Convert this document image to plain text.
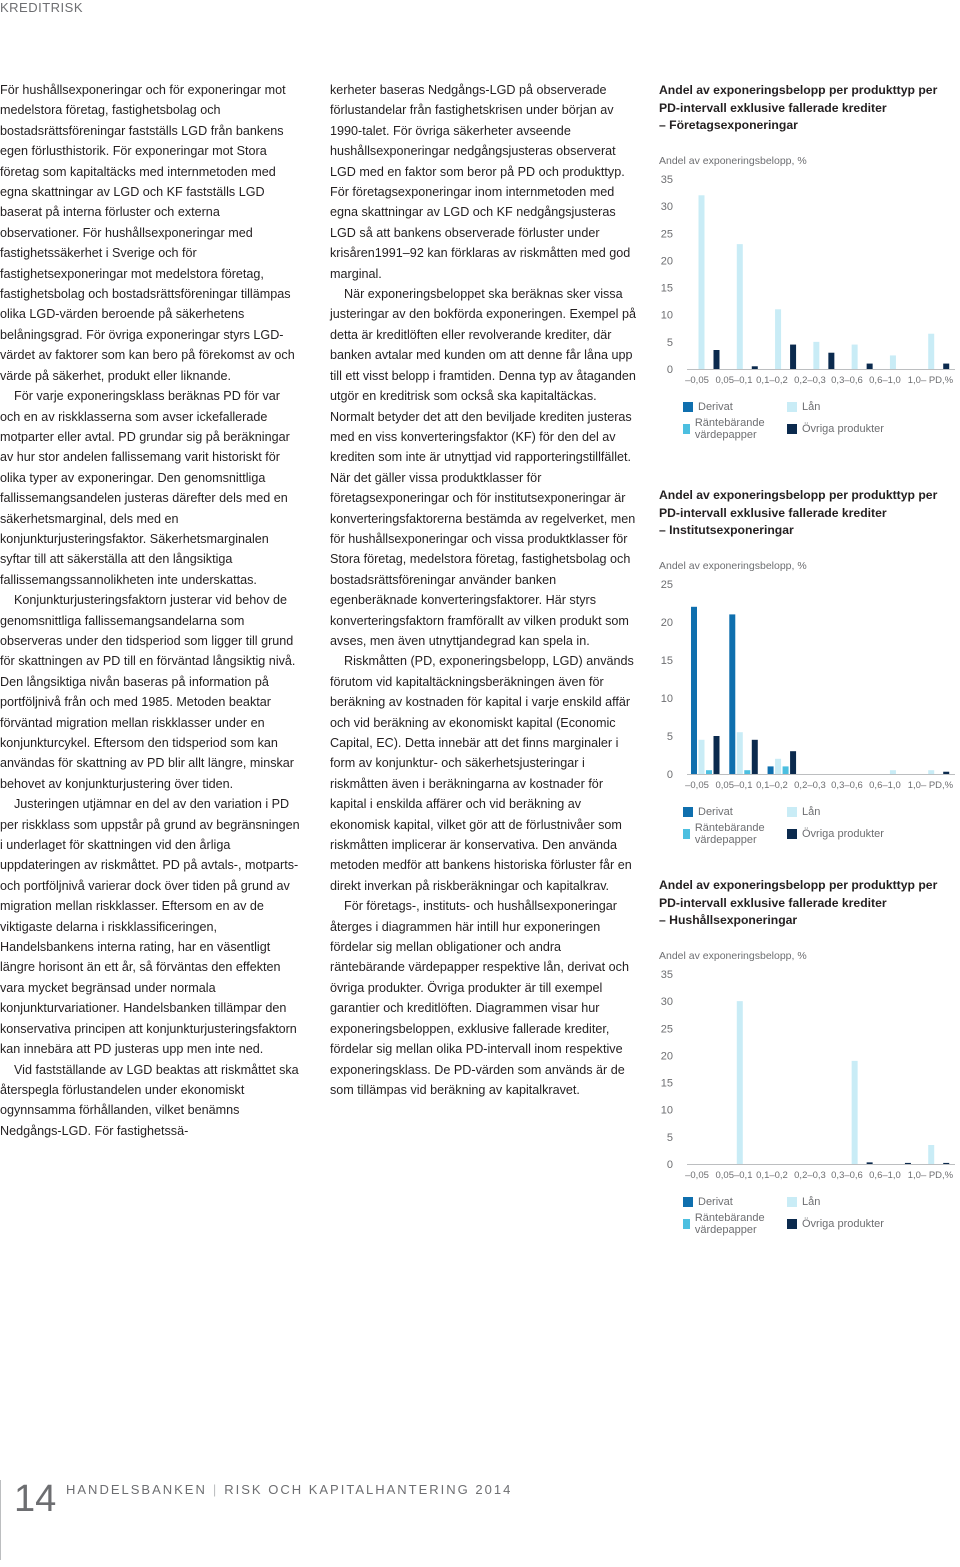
KREDITRISK

För hushållsexponeringar och för exponeringar mot medelstora företag, fastighetsbolag och bostadsrättsföreningar fastställs LGD från bankens egen förlusthistorik. För exponeringar mot Stora företag som kapitaltäcks med internmetoden med egna skattningar av LGD och KF fastställs LGD baserat på interna förluster och externa observationer. För hushållsexponeringar med fastighetssäkerhet i Sverige och för fastighetsexponeringar mot medelstora företag, fastighetsbolag och bostadsrättsföreningar tillämpas olika LGD-värden beroende på säkerhetens belåningsgrad. För övriga exponeringar styrs LGD-värdet av faktorer som kan bero på förekomst av och värde på säkerhet, produkt eller liknande.

För varje exponeringsklass beräknas PD för var och en av riskklasserna som avser ickefallerade motparter eller avtal. PD grundar sig på beräkningar av hur stor andelen fallissemang varit historiskt för olika typer av exponeringar. Den genomsnittliga fallissemangsandelen justeras därefter dels med en säkerhetsmarginal, dels med en konjunkturjusteringsfaktor. Säkerhetsmarginalen syftar till att säkerställa att den långsiktiga fallissemangssannolikheten inte underskattas.

Konjunkturjusteringsfaktorn justerar vid behov de genomsnittliga fallissemangsandelarna som observeras under den tidsperiod som ligger till grund för skattningen av PD till en förväntad långsiktig nivå. Den långsiktiga nivån baseras på information på portföljnivå från och med 1985. Metoden beaktar förväntad migration mellan riskklasser under en konjunkturcykel. Eftersom den tidsperiod som kan användas för skattning av PD blir allt längre, minskar behovet av konjunkturjustering över tiden.

Justeringen utjämnar en del av den variation i PD per riskklass som uppstår på grund av begränsningen i underlaget för skattningen vid den årliga uppdateringen av riskmåttet. PD på avtals-, motparts- och portföljnivå varierar dock över tiden på grund av migration mellan riskklasser. Eftersom en av de viktigaste delarna i riskklassificeringen, Handelsbankens interna rating, har en väsentligt längre horisont än ett år, så förväntas den effekten vara mycket begränsad under normala konjunkturvariationer. Handelsbanken tillämpar den konservativa principen att konjunkturjusteringsfaktorn kan innebära att PD justeras upp men inte ned.

Vid fastställande av LGD beaktas att riskmåttet ska återspegla förlustandelen under ekonomiskt ogynnsamma förhållanden, vilket benämns Nedgångs-LGD. För fastighetssä-

kerheter baseras Nedgångs-LGD på observerade förlustandelar från fastighetskrisen under början av 1990-talet. För övriga säkerheter avseende hushållsexponeringar nedgångsjusteras observerat LGD med en faktor som beror på PD och produkttyp. För företagsexponeringar inom internmetoden med egna skattningar av LGD och KF nedgångsjusteras LGD så att bankens observerade förluster under krisåren1991–92 kan förklaras av riskmåtten med god marginal.

När exponeringsbeloppet ska beräknas sker vissa justeringar av den bokförda exponeringen. Exempel på detta är kreditlöften eller revolverande krediter, där banken avtalar med kunden om att denne får låna upp till ett visst belopp i framtiden. Denna typ av åtaganden utgör en kreditrisk som också ska kapitaltäckas. Normalt betyder det att den beviljade krediten justeras med en viss konverteringsfaktor (KF) för den del av krediten som inte är utnyttjad vid rapporteringstillfället. När det gäller vissa produktklasser för företagsexponeringar och för institutsexponeringar är konverteringsfaktorerna bestämda av regelverket, men för hushållsexponeringar och vissa produktklasser för Stora företag, medelstora företag, fastighetsbolag och bostadsrättsföreningar använder banken egenberäknade konverteringsfaktorer. Här styrs konverteringsfaktorn framförallt av vilken produkt som avses, men även utnyttjandegrad kan spela in.

Riskmåtten (PD, exponeringsbelopp, LGD) används förutom vid kapitaltäckningsberäkningen även för beräkning av kostnaden för kapital i varje enskild affär och vid beräkning av ekonomiskt kapital (Economic Capital, EC). Detta innebär att det finns marginaler i form av konjunktur- och säkerhetsjusteringar i riskmåtten även i beräkningarna av kostnader för kapital i enskilda affärer och vid beräkning av ekonomisk kapital, vilket gör att de förlustnivåer som riskmåtten implicerar är konservativa. Den använda metoden medför att bankens historiska förluster får en direkt inverkan på riskberäkningar och kapitalkrav.

För företags-, instituts- och hushållsexponeringar återges i diagrammen här intill hur exponeringen fördelar sig mellan obligationer och andra räntebärande värdepapper respektive lån, derivat och övriga produkter. Övriga produkter är till exempel garantier och kreditlöften. Diagrammen visar hur exponeringsbeloppen, exklusive fallerade krediter, fördelar sig mellan olika PD-intervall inom respektive exponeringsklass. De PD-värden som används är de som tillämpas vid beräkning av kapitalkravet.

Andel av exponeringsbelopp per produkttyp per
PD-intervall exklusive fallerade krediter
– Företagsexponeringar
Andel av exponeringsbelopp, %
0
5
10
15
20
25
30
35
–0,05 0,05–0,1 0,1–0,2 0,2–0,3 0,3–0,6 0,6–1,0 1,0– PD,%
Derivat	Lån
Räntebärande värdepapper	Övriga produkter
Andel av exponeringsbelopp per produkttyp per
PD-intervall exklusive fallerade krediter
– Institutsexponeringar
Andel av exponeringsbelopp, %
0
5
10
15
20
25
–0,05 0,05–0,1 0,1–0,2 0,2–0,3 0,3–0,6 0,6–1,0 1,0– PD,%
Derivat	Lån
Räntebärande värdepapper	Övriga produkter
Andel av exponeringsbelopp per produkttyp per
PD-intervall exklusive fallerade krediter
– Hushållsexponeringar
Andel av exponeringsbelopp, %
0
5
10
15
20
25
30
35
–0,05 0,05–0,1 0,1–0,2 0,2–0,3 0,3–0,6 0,6–1,0 1,0– PD,%
Derivat	Lån
Räntebärande värdepapper	Övriga produkter
14 HANDELSBANKEN | RISK OCH KAPITALHANTERING 2014
